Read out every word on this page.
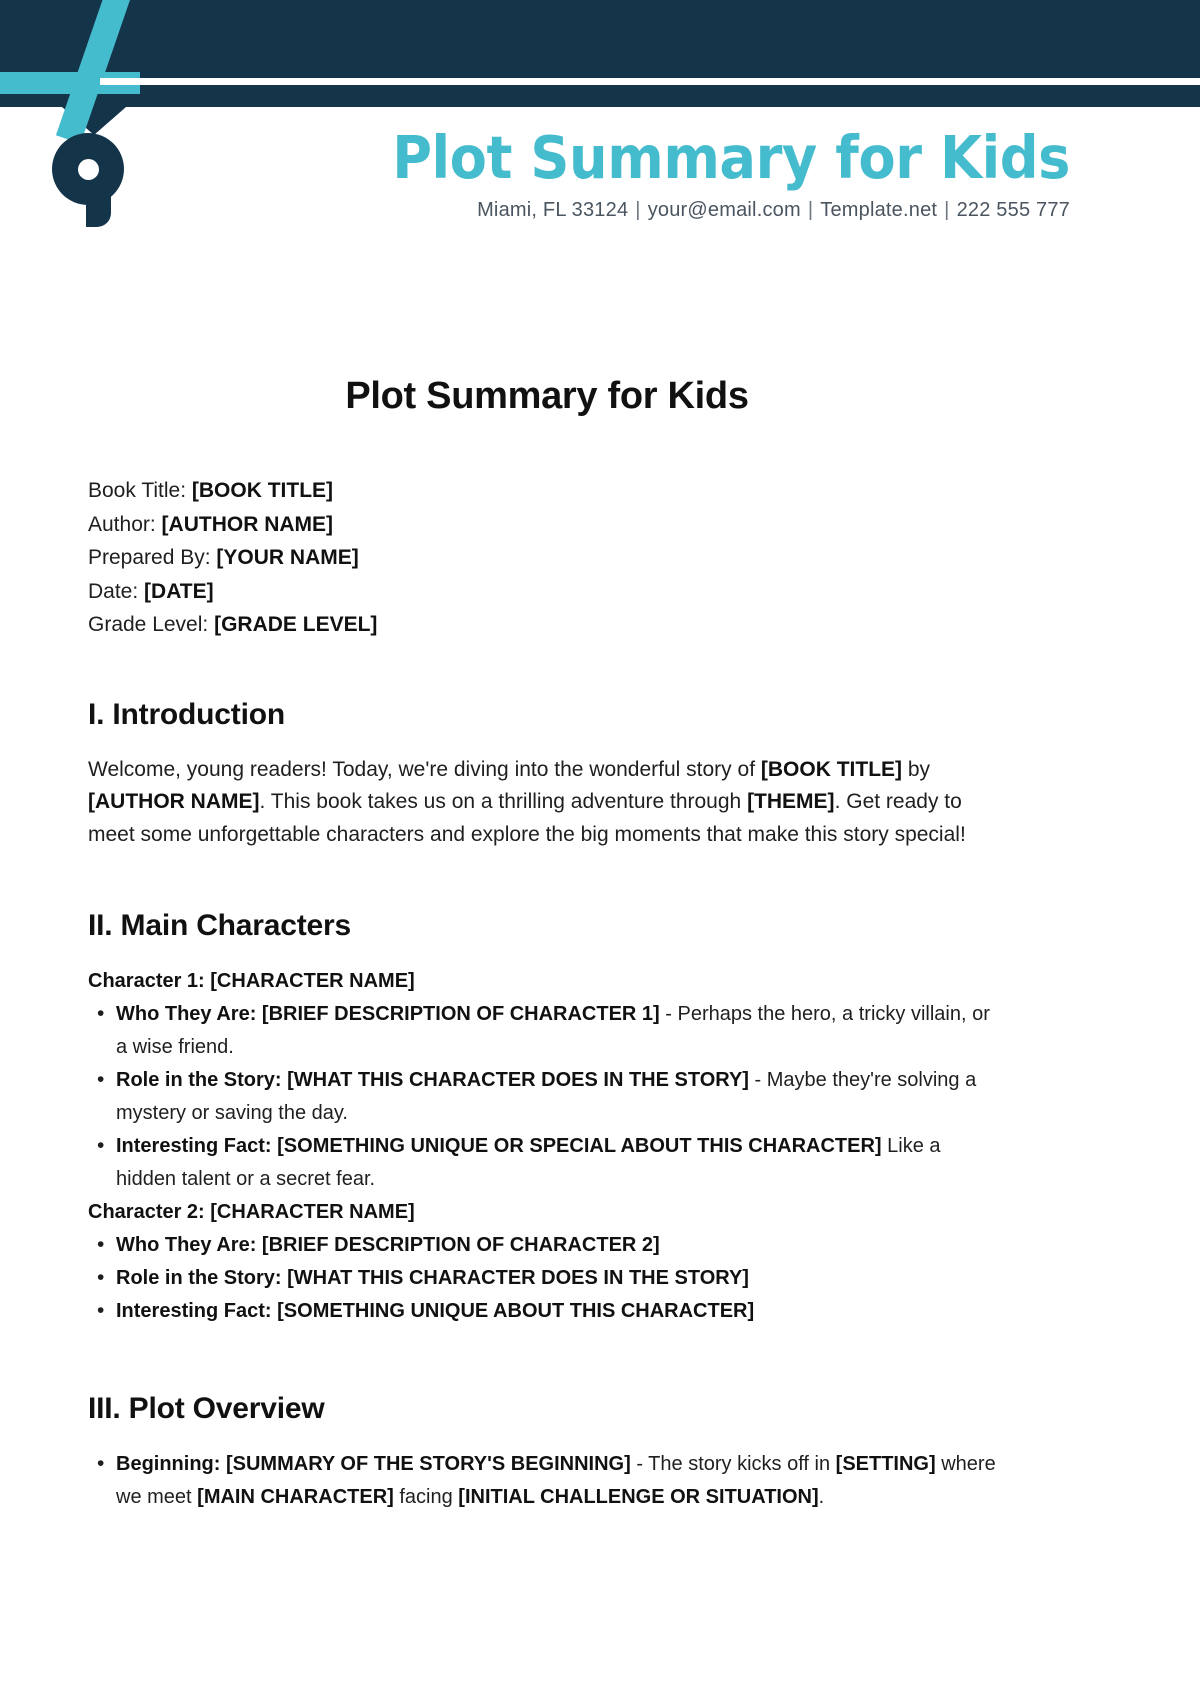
Plot Summary for Kids
Miami, FL 33124 | your@email.com | Template.net | 222 555 777
Plot Summary for Kids
Book Title: [BOOK TITLE]
Author: [AUTHOR NAME]
Prepared By: [YOUR NAME]
Date: [DATE]
Grade Level: [GRADE LEVEL]
I. Introduction

Welcome, young readers! Today, we're diving into the wonderful story of [BOOK TITLE] by [AUTHOR NAME]. This book takes us on a thrilling adventure through [THEME]. Get ready to meet some unforgettable characters and explore the big moments that make this story special!

II. Main Characters
Character 1: [CHARACTER NAME]
• Who They Are: [BRIEF DESCRIPTION OF CHARACTER 1] - Perhaps the hero, a tricky villain, or a wise friend.
• Role in the Story: [WHAT THIS CHARACTER DOES IN THE STORY] - Maybe they're solving a mystery or saving the day.
• Interesting Fact: [SOMETHING UNIQUE OR SPECIAL ABOUT THIS CHARACTER] Like a hidden talent or a secret fear.
Character 2: [CHARACTER NAME]
• Who They Are: [BRIEF DESCRIPTION OF CHARACTER 2]
• Role in the Story: [WHAT THIS CHARACTER DOES IN THE STORY]
• Interesting Fact: [SOMETHING UNIQUE ABOUT THIS CHARACTER]
III. Plot Overview
• Beginning: [SUMMARY OF THE STORY'S BEGINNING] - The story kicks off in [SETTING] where we meet [MAIN CHARACTER] facing [INITIAL CHALLENGE OR SITUATION].
